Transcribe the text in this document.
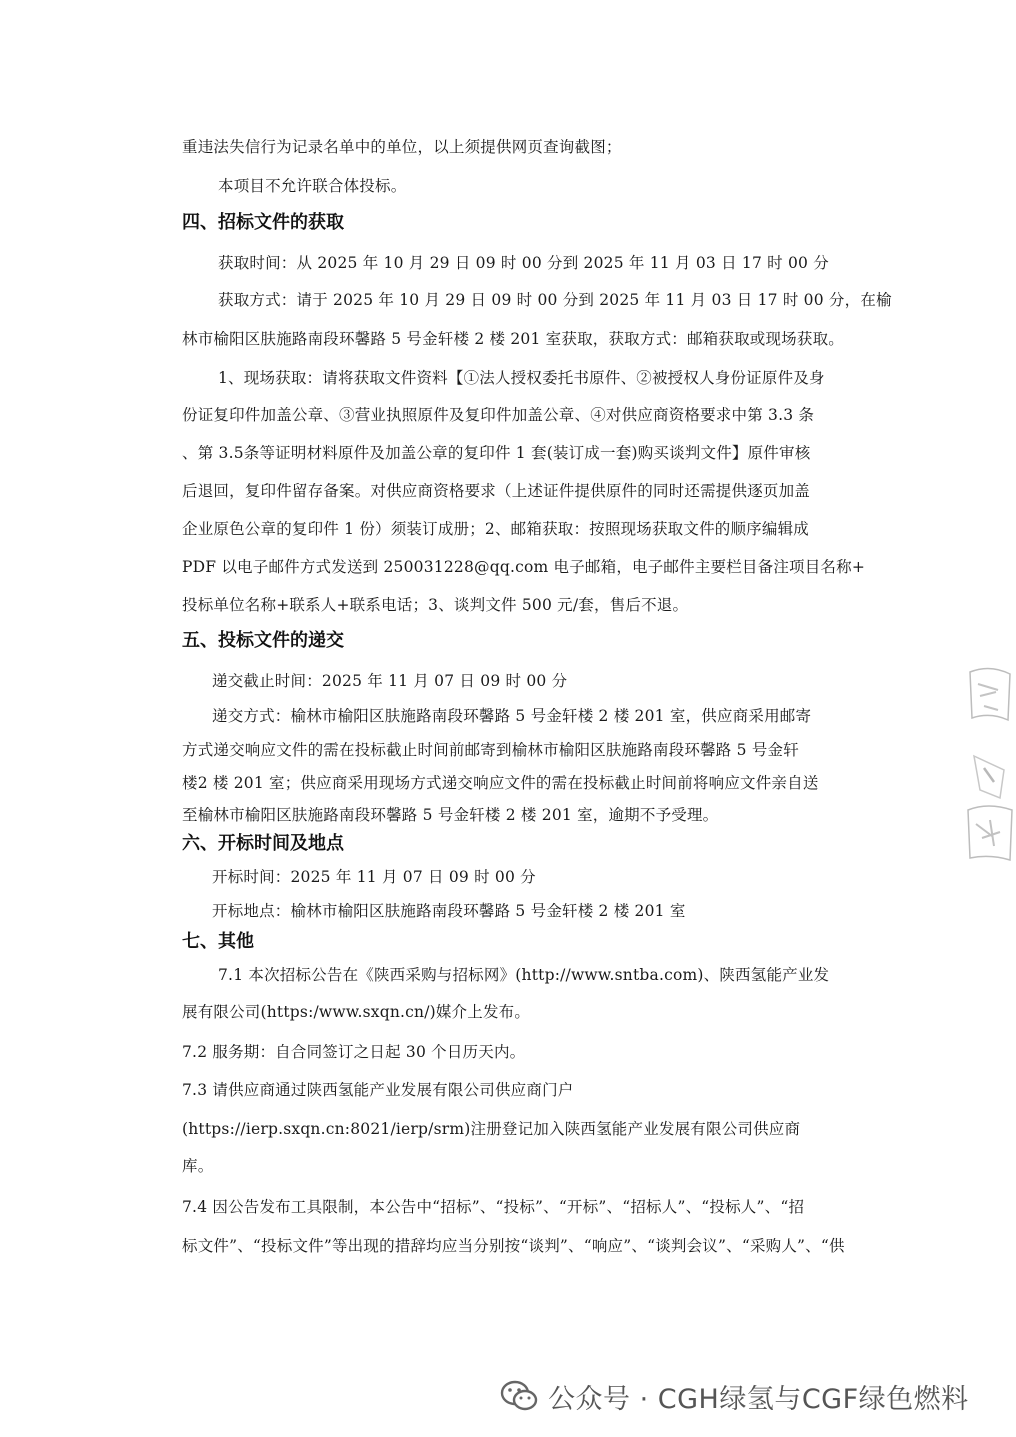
重违法失信行为记录名单中的单位，以上须提供网页查询截图；
本项目不允许联合体投标。
四、招标文件的获取
获取时间：从 2025 年 10 月 29 日 09 时 00 分到 2025 年 11 月 03 日 17 时 00 分
获取方式：请于 2025 年 10 月 29 日 09 时 00 分到 2025 年 11 月 03 日 17 时 00 分，在榆
林市榆阳区肤施路南段环馨路 5 号金轩楼 2 楼 201 室获取，获取方式：邮箱获取或现场获取。
1、现场获取：请将获取文件资料【①法人授权委托书原件、②被授权人身份证原件及身
份证复印件加盖公章、③营业执照原件及复印件加盖公章、④对供应商资格要求中第 3.3 条
、第 3.5条等证明材料原件及加盖公章的复印件 1 套(装订成一套)购买谈判文件】原件审核
后退回，复印件留存备案。对供应商资格要求（上述证件提供原件的同时还需提供逐页加盖
企业原色公章的复印件 1 份）须装订成册；2、邮箱获取：按照现场获取文件的顺序编辑成
PDF 以电子邮件方式发送到 250031228@qq.com 电子邮箱，电子邮件主要栏目备注项目名称+
投标单位名称+联系人+联系电话；3、谈判文件 500 元/套，售后不退。
五、投标文件的递交
递交截止时间：2025 年 11 月 07 日 09 时 00 分
递交方式：榆林市榆阳区肤施路南段环馨路 5 号金轩楼 2 楼 201 室，供应商采用邮寄
方式递交响应文件的需在投标截止时间前邮寄到榆林市榆阳区肤施路南段环馨路 5 号金轩
楼2 楼 201 室；供应商采用现场方式递交响应文件的需在投标截止时间前将响应文件亲自送
至榆林市榆阳区肤施路南段环馨路 5 号金轩楼 2 楼 201 室，逾期不予受理。
六、开标时间及地点
开标时间：2025 年 11 月 07 日 09 时 00 分
开标地点：榆林市榆阳区肤施路南段环馨路 5 号金轩楼 2 楼 201 室
七、其他
7.1 本次招标公告在《陕西采购与招标网》(http://www.sntba.com)、陕西氢能产业发
展有限公司(https:/www.sxqn.cn/)媒介上发布。
7.2 服务期：自合同签订之日起 30 个日历天内。
7.3 请供应商通过陕西氢能产业发展有限公司供应商门户
(https://ierp.sxqn.cn:8021/ierp/srm)注册登记加入陕西氢能产业发展有限公司供应商
库。
7.4 因公告发布工具限制，本公告中“招标”、“投标”、“开标”、“招标人”、“投标人”、“招
标文件”、“投标文件”等出现的措辞均应当分别按“谈判”、“响应”、“谈判会议”、“采购人”、“供
公众号 · CGH绿氢与CGF绿色燃料
